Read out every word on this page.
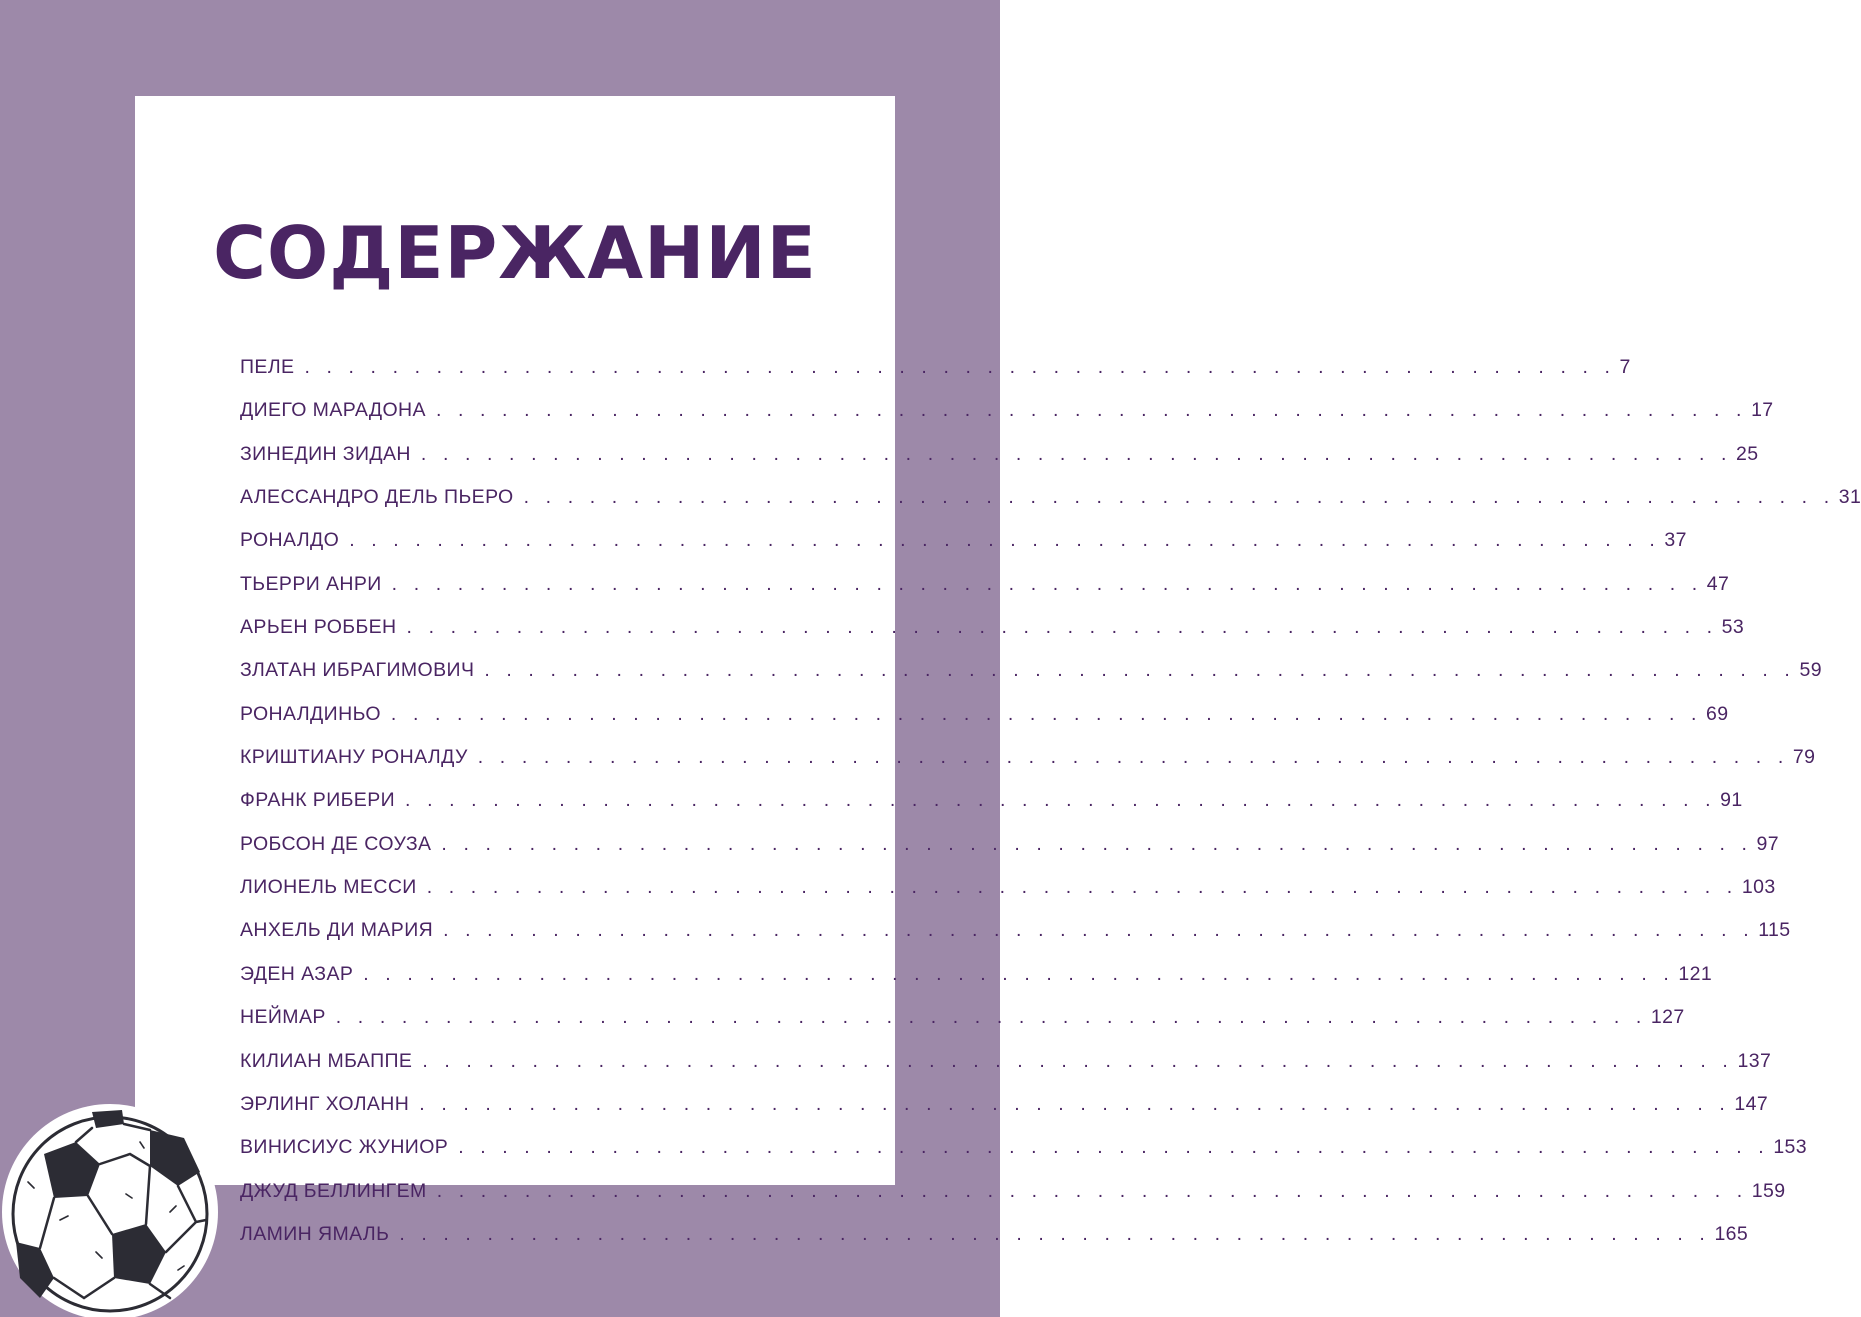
СОДЕРЖАНИЕ
ПЕЛЕ . . . . . . . . . . . . . . . . . . . . . . . . . . . . . . . . . . . . . . . . . . . . . . . . . . . . . . . . . . . . 7
ДИЕГО МАРАДОНА . . . . . . . . . . . . . . . . . . . . . . . . . . . . . . . . . . . . . . . . . . . . . . . . . . . . . . . . . . . . 17
ЗИНЕДИН ЗИДАН . . . . . . . . . . . . . . . . . . . . . . . . . . . . . . . . . . . . . . . . . . . . . . . . . . . . . . . . . . . . 25
АЛЕССАНДРО ДЕЛЬ ПЬЕРО . . . . . . . . . . . . . . . . . . . . . . . . . . . . . . . . . . . . . . . . . . . . . . . . . . . . . . . . . . . . 31
РОНАЛДО . . . . . . . . . . . . . . . . . . . . . . . . . . . . . . . . . . . . . . . . . . . . . . . . . . . . . . . . . . . . 37
ТЬЕРРИ АНРИ . . . . . . . . . . . . . . . . . . . . . . . . . . . . . . . . . . . . . . . . . . . . . . . . . . . . . . . . . . . . 47
АРЬЕН РОББЕН . . . . . . . . . . . . . . . . . . . . . . . . . . . . . . . . . . . . . . . . . . . . . . . . . . . . . . . . . . . . 53
ЗЛАТАН ИБРАГИМОВИЧ . . . . . . . . . . . . . . . . . . . . . . . . . . . . . . . . . . . . . . . . . . . . . . . . . . . . . . . . . . . . 59
РОНАЛДИНЬО . . . . . . . . . . . . . . . . . . . . . . . . . . . . . . . . . . . . . . . . . . . . . . . . . . . . . . . . . . . . 69
КРИШТИАНУ РОНАЛДУ . . . . . . . . . . . . . . . . . . . . . . . . . . . . . . . . . . . . . . . . . . . . . . . . . . . . . . . . . . . . 79
ФРАНК РИБЕРИ . . . . . . . . . . . . . . . . . . . . . . . . . . . . . . . . . . . . . . . . . . . . . . . . . . . . . . . . . . . . 91
РОБСОН ДЕ СОУЗА . . . . . . . . . . . . . . . . . . . . . . . . . . . . . . . . . . . . . . . . . . . . . . . . . . . . . . . . . . . . 97
ЛИОНЕЛЬ МЕССИ . . . . . . . . . . . . . . . . . . . . . . . . . . . . . . . . . . . . . . . . . . . . . . . . . . . . . . . . . . . . 103
АНХЕЛЬ ДИ МАРИЯ . . . . . . . . . . . . . . . . . . . . . . . . . . . . . . . . . . . . . . . . . . . . . . . . . . . . . . . . . . . . 115
ЭДЕН АЗАР . . . . . . . . . . . . . . . . . . . . . . . . . . . . . . . . . . . . . . . . . . . . . . . . . . . . . . . . . . . . 121
НЕЙМАР . . . . . . . . . . . . . . . . . . . . . . . . . . . . . . . . . . . . . . . . . . . . . . . . . . . . . . . . . . . . 127
КИЛИАН МБАППЕ . . . . . . . . . . . . . . . . . . . . . . . . . . . . . . . . . . . . . . . . . . . . . . . . . . . . . . . . . . . . 137
ЭРЛИНГ ХОЛАНН . . . . . . . . . . . . . . . . . . . . . . . . . . . . . . . . . . . . . . . . . . . . . . . . . . . . . . . . . . . . 147
ВИНИСИУС ЖУНИОР . . . . . . . . . . . . . . . . . . . . . . . . . . . . . . . . . . . . . . . . . . . . . . . . . . . . . . . . . . . . 153
ДЖУД БЕЛЛИНГЕМ . . . . . . . . . . . . . . . . . . . . . . . . . . . . . . . . . . . . . . . . . . . . . . . . . . . . . . . . . . . . 159
ЛАМИН ЯМАЛЬ . . . . . . . . . . . . . . . . . . . . . . . . . . . . . . . . . . . . . . . . . . . . . . . . . . . . . . . . . . . . 165
